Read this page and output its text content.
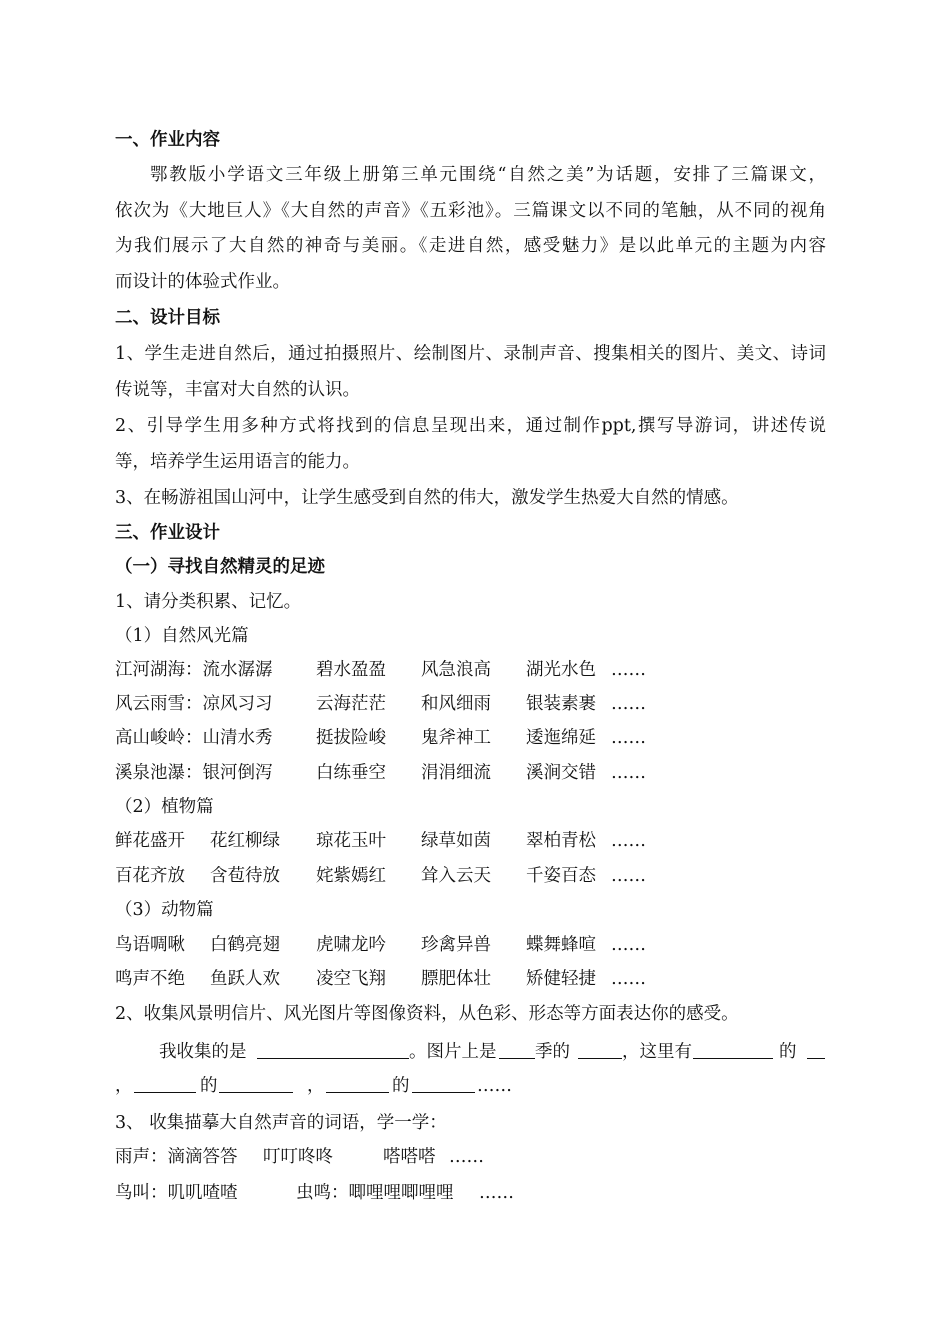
一、作业内容
鄂教版小学语文三年级上册第三单元围绕“自然之美”为话题，安排了三篇课文，
依次为《大地巨人》《大自然的声音》《五彩池》。三篇课文以不同的笔触，从不同的视角
为我们展示了大自然的神奇与美丽。《走进自然，感受魅力》是以此单元的主题为内容
而设计的体验式作业。
二、设计目标
1、学生走进自然后，通过拍摄照片、绘制图片、录制声音、搜集相关的图片、美文、诗词
传说等，丰富对大自然的认识。
2、引导学生用多种方式将找到的信息呈现出来，通过制作ppt,撰写导游词，讲述传说
等，培养学生运用语言的能力。
3、在畅游祖国山河中，让学生感受到自然的伟大，激发学生热爱大自然的情感。
三、作业设计
（一）寻找自然精灵的足迹
1、请分类积累、记忆。
（1）自然风光篇
江河湖海：流水潺潺 碧水盈盈 风急浪高 湖光水色 ……
风云雨雪：凉风习习 云海茫茫 和风细雨 银装素裹 ……
高山峻岭：山清水秀 挺拔险峻 鬼斧神工 逶迤绵延 ……
溪泉池瀑：银河倒泻 白练垂空 涓涓细流 溪涧交错 ……
（2）植物篇
鲜花盛开 花红柳绿 琼花玉叶 绿草如茵 翠柏青松 ……
百花齐放 含苞待放 姹紫嫣红 耸入云天 千姿百态 ……
（3）动物篇
鸟语啁啾 白鹤亮翅 虎啸龙吟 珍禽异兽 蝶舞蜂喧 ……
鸣声不绝 鱼跃人欢 凌空飞翔 膘肥体壮 矫健轻捷 ……
2、收集风景明信片、风光图片等图像资料，从色彩、形态等方面表达你的感受。
我收集的是	。图片上是 季的	，这里有	的
，	的	，	的	……
3、 收集描摹大自然声音的词语，学一学：
雨声：滴滴答答 叮叮咚咚	嗒嗒嗒 ……
鸟叫：叽叽喳喳	虫鸣：唧哩哩唧哩哩 ……
